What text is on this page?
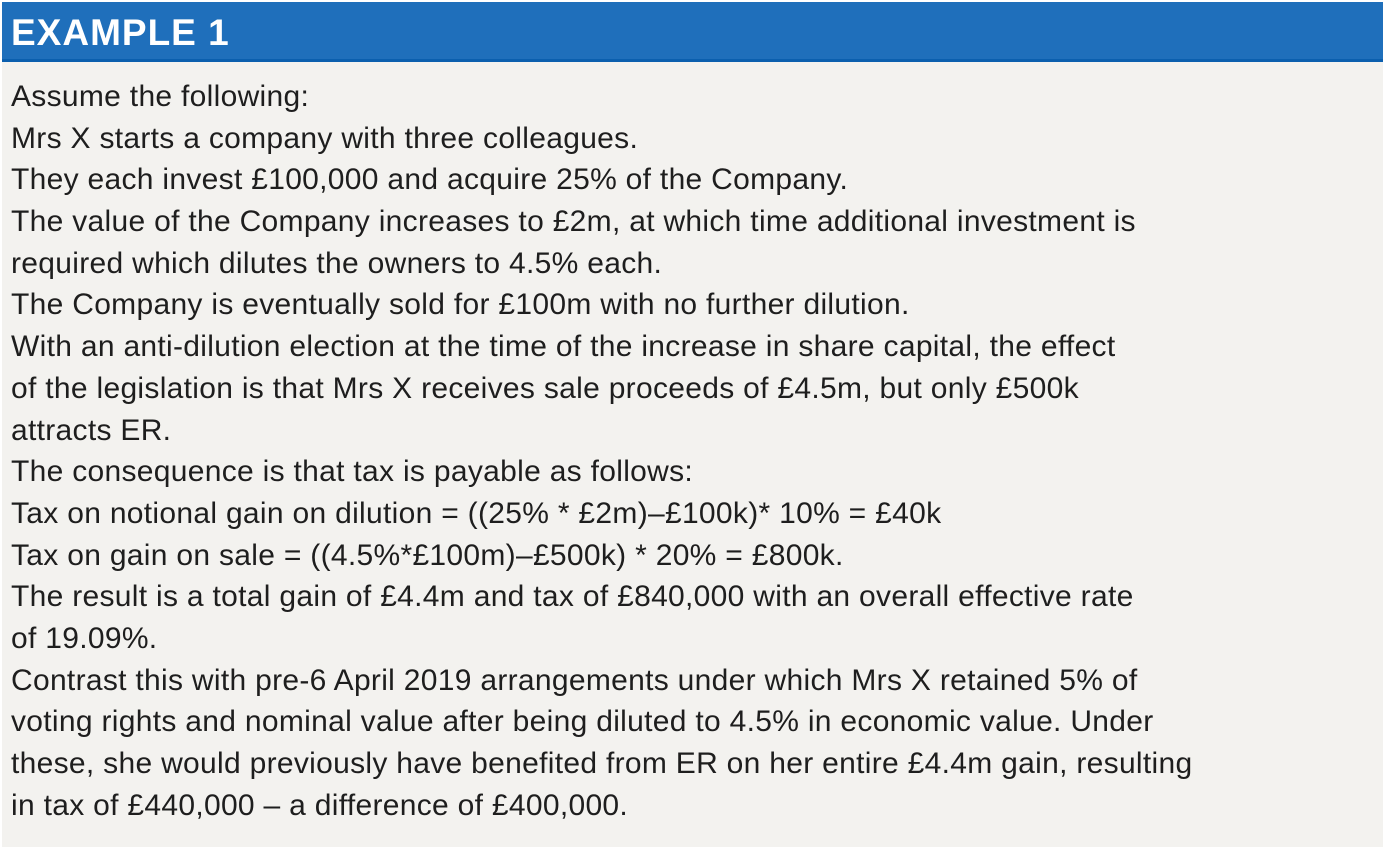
EXAMPLE 1
Assume the following:
Mrs X starts a company with three colleagues.
They each invest £100,000 and acquire 25% of the Company.
The value of the Company increases to £2m, at which time additional investment is
required which dilutes the owners to 4.5% each.
The Company is eventually sold for £100m with no further dilution.
With an anti-dilution election at the time of the increase in share capital, the effect
of the legislation is that Mrs X receives sale proceeds of £4.5m, but only £500k
attracts ER.
The consequence is that tax is payable as follows:
Tax on notional gain on dilution = ((25% * £2m)–£100k)* 10% = £40k
Tax on gain on sale = ((4.5%*£100m)–£500k) * 20% = £800k.
The result is a total gain of £4.4m and tax of £840,000 with an overall effective rate
of 19.09%.
Contrast this with pre-6 April 2019 arrangements under which Mrs X retained 5% of
voting rights and nominal value after being diluted to 4.5% in economic value. Under
these, she would previously have benefited from ER on her entire £4.4m gain, resulting
in tax of £440,000 – a difference of £400,000.
